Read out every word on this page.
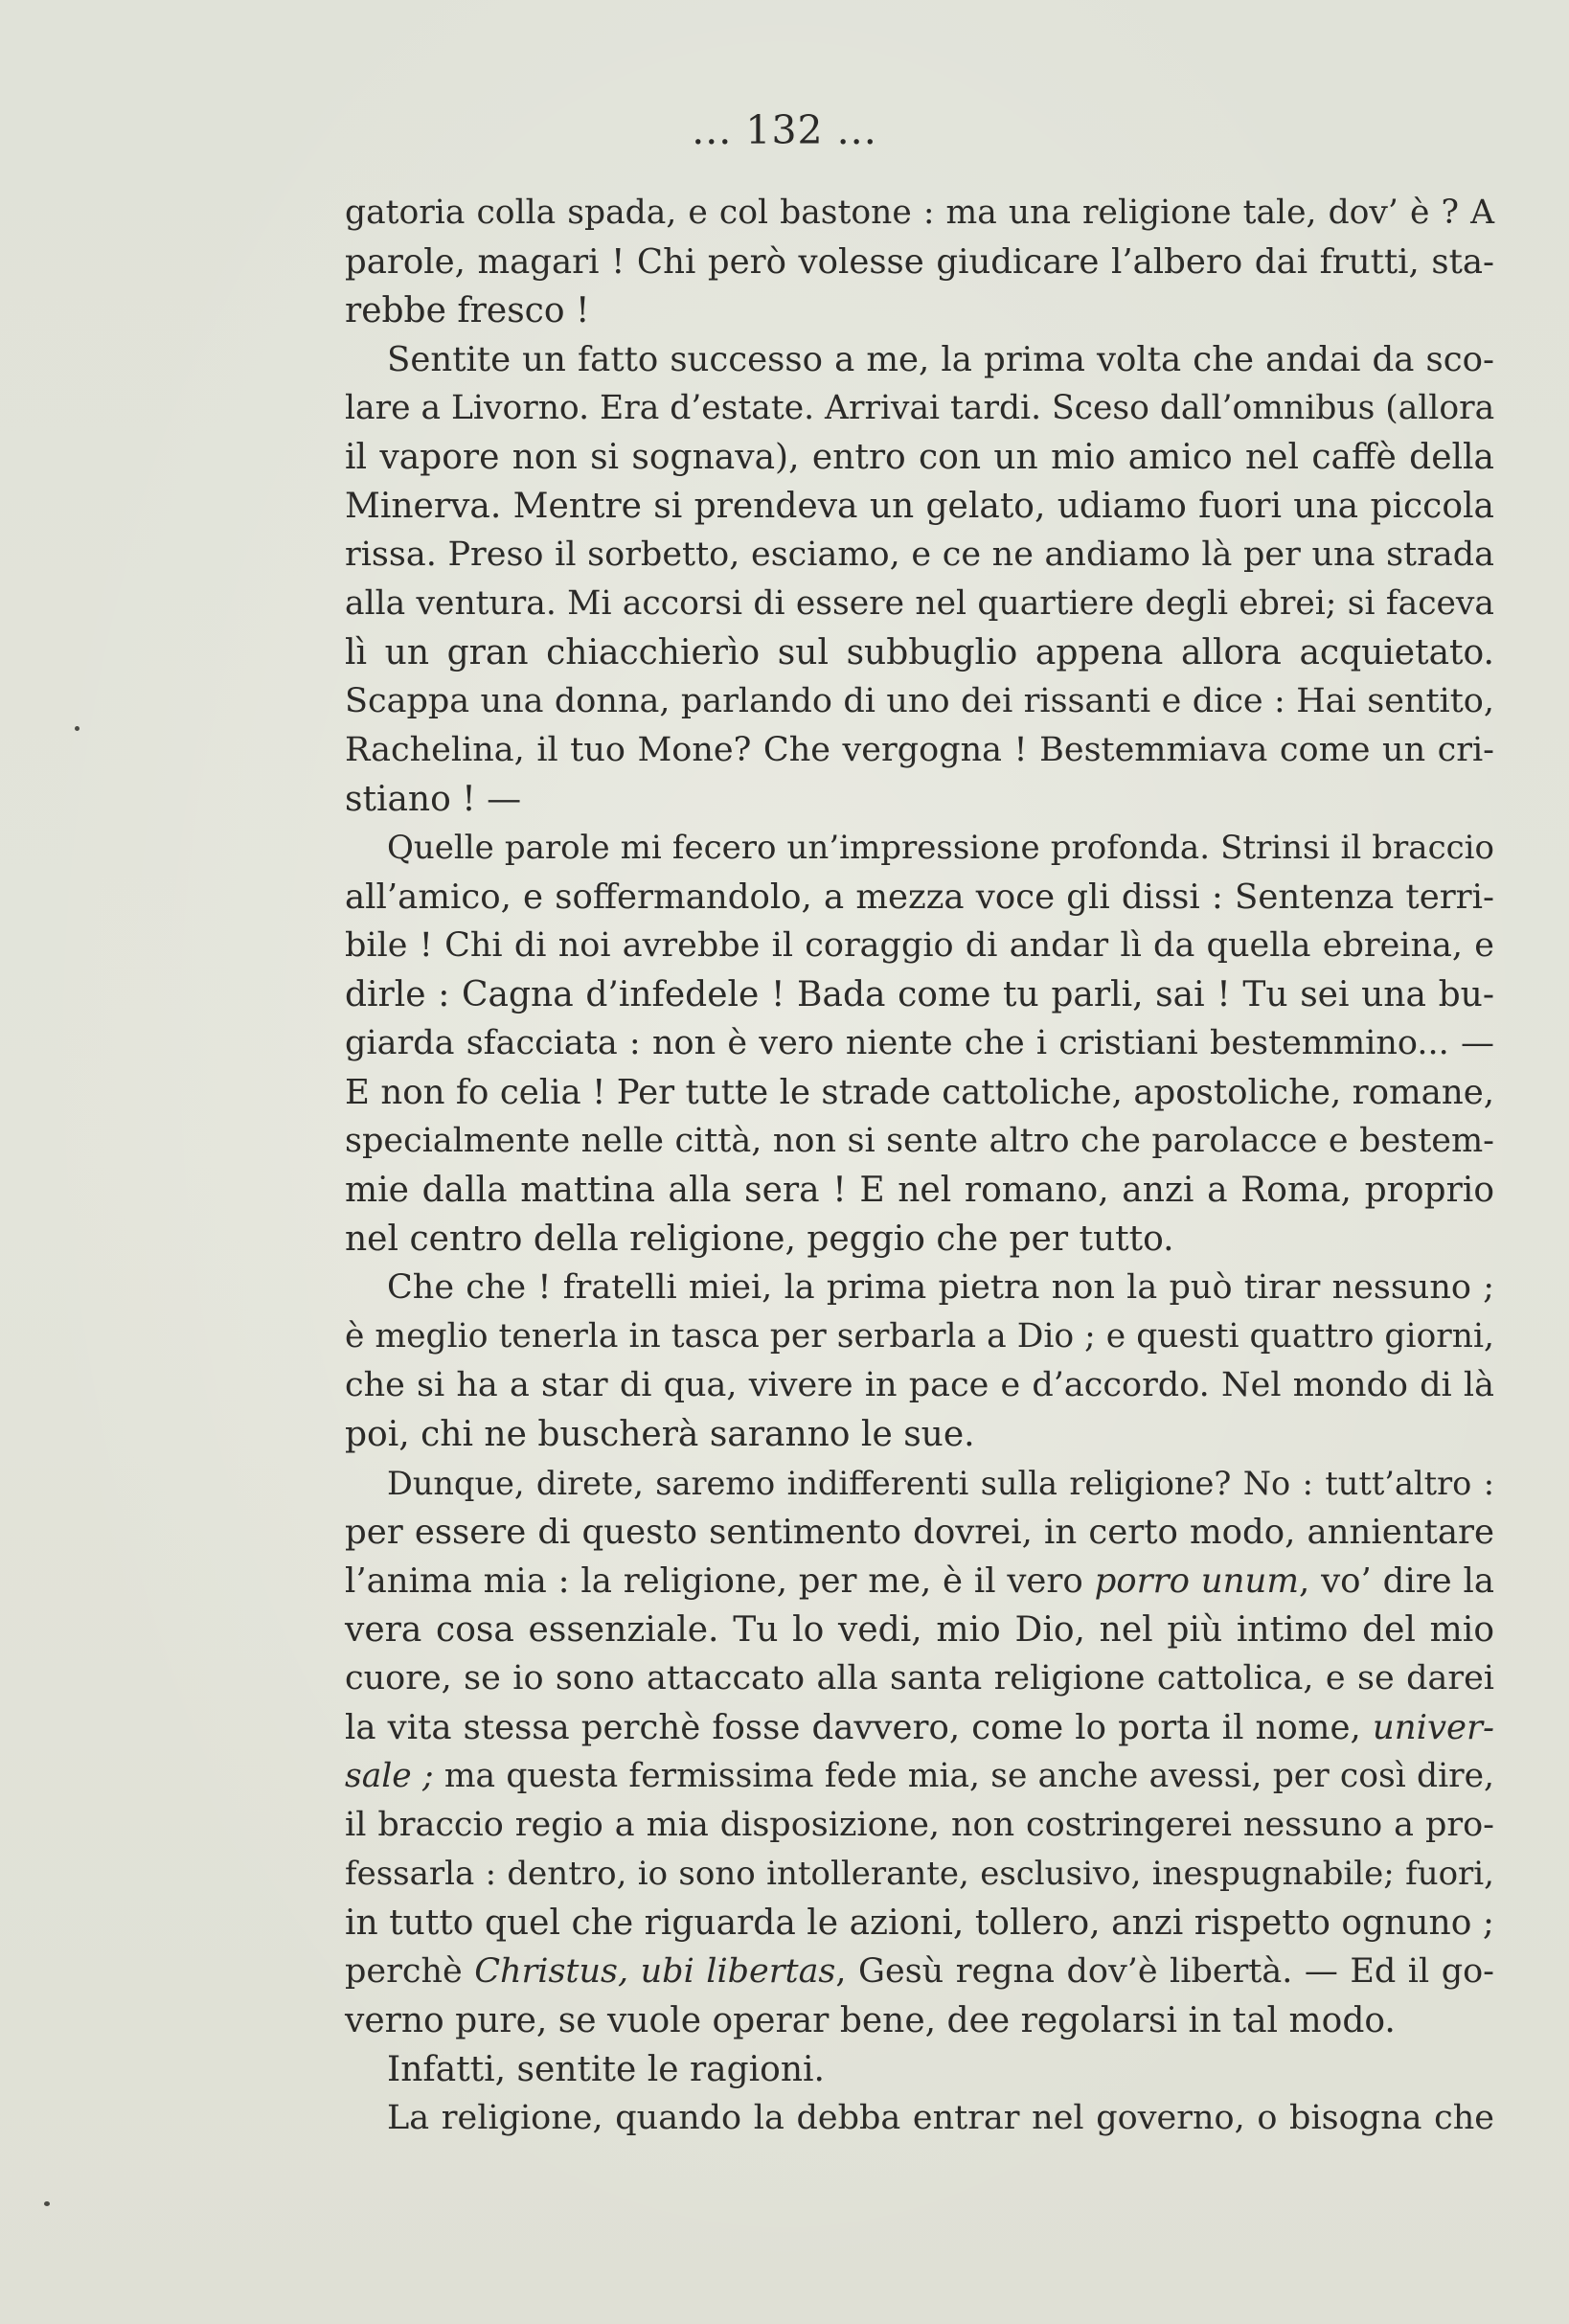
... 132 ...
gatoria colla spada, e col bastone : ma una religione tale, dov’ è ? A
parole, magari ! Chi però volesse giudicare l’albero dai frutti, sta-
rebbe fresco !
Sentite un fatto successo a me, la prima volta che andai da sco-
lare a Livorno. Era d’estate. Arrivai tardi. Sceso dall’omnibus (allora
il vapore non si sognava), entro con un mio amico nel caffè della
Minerva. Mentre si prendeva un gelato, udiamo fuori una piccola
rissa. Preso il sorbetto, esciamo, e ce ne andiamo là per una strada
alla ventura. Mi accorsi di essere nel quartiere degli ebrei; si faceva
lì un gran chiacchierìo sul subbuglio appena allora acquietato.
Scappa una donna, parlando di uno dei rissanti e dice : Hai sentito,
Rachelina, il tuo Mone? Che vergogna ! Bestemmiava come un cri-
stiano ! —
Quelle parole mi fecero un’impressione profonda. Strinsi il braccio
all’amico, e soffermandolo, a mezza voce gli dissi : Sentenza terri-
bile ! Chi di noi avrebbe il coraggio di andar lì da quella ebreina, e
dirle : Cagna d’infedele ! Bada come tu parli, sai ! Tu sei una bu-
giarda sfacciata : non è vero niente che i cristiani bestemmino... —
E non fo celia ! Per tutte le strade cattoliche, apostoliche, romane,
specialmente nelle città, non si sente altro che parolacce e bestem-
mie dalla mattina alla sera ! E nel romano, anzi a Roma, proprio
nel centro della religione, peggio che per tutto.
Che che ! fratelli miei, la prima pietra non la può tirar nessuno ;
è meglio tenerla in tasca per serbarla a Dio ; e questi quattro giorni,
che si ha a star di qua, vivere in pace e d’accordo. Nel mondo di là
poi, chi ne buscherà saranno le sue.
Dunque, direte, saremo indifferenti sulla religione? No : tutt’altro :
per essere di questo sentimento dovrei, in certo modo, annientare
l’anima mia : la religione, per me, è il vero porro unum, vo’ dire la
vera cosa essenziale. Tu lo vedi, mio Dio, nel più intimo del mio
cuore, se io sono attaccato alla santa religione cattolica, e se darei
la vita stessa perchè fosse davvero, come lo porta il nome, univer-
sale ; ma questa fermissima fede mia, se anche avessi, per così dire,
il braccio regio a mia disposizione, non costringerei nessuno a pro-
fessarla : dentro, io sono intollerante, esclusivo, inespugnabile; fuori,
in tutto quel che riguarda le azioni, tollero, anzi rispetto ognuno ;
perchè Christus, ubi libertas, Gesù regna dov’è libertà. — Ed il go-
verno pure, se vuole operar bene, dee regolarsi in tal modo.
Infatti, sentite le ragioni.
La religione, quando la debba entrar nel governo, o bisogna che
